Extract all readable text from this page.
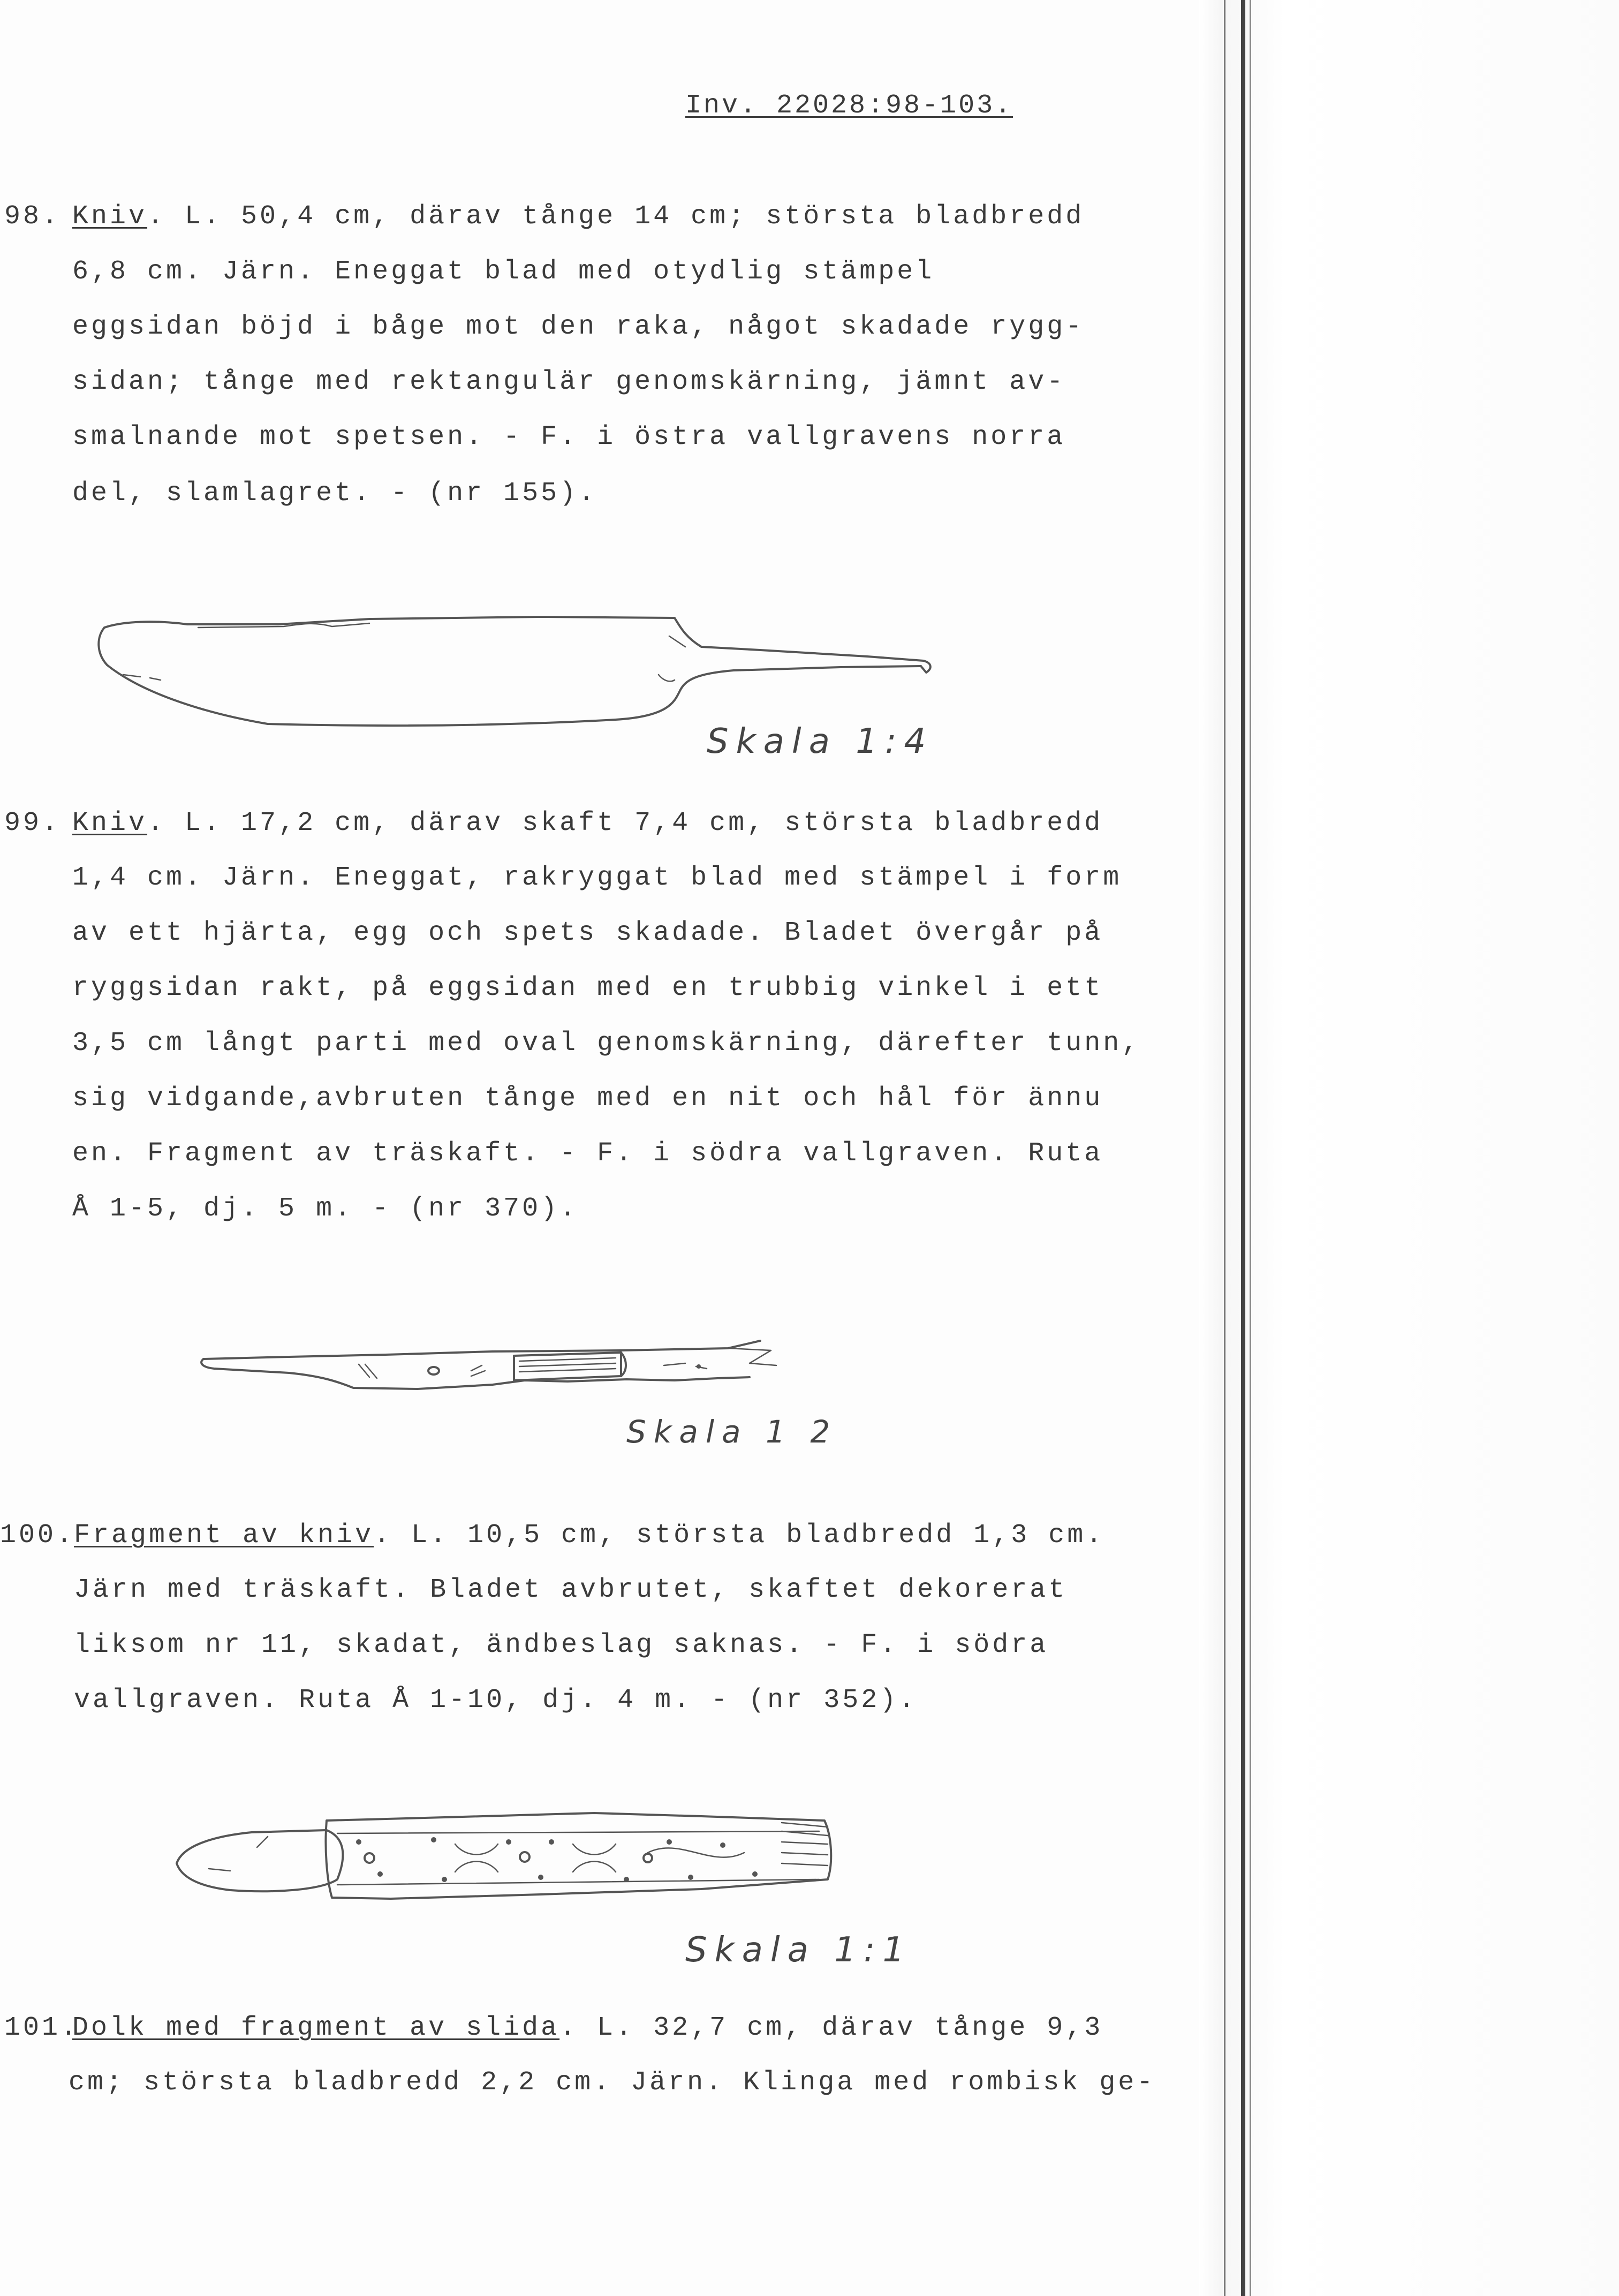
Inv. 22028:98-103.
98. Kniv. L. 50,4 cm, därav tånge 14 cm; största bladbredd
6,8 cm. Järn. Eneggat blad med otydlig stämpel
eggsidan böjd i båge mot den raka, något skadade rygg-
sidan; tånge med rektangulär genomskärning, jämnt av-
smalnande mot spetsen. - F. i östra vallgravens norra
del, slamlagret. - (nr 155).
Skala 1:4
99. Kniv. L. 17,2 cm, därav skaft 7,4 cm, största bladbredd
1,4 cm. Järn. Eneggat, rakryggat blad med stämpel i form
av ett hjärta, egg och spets skadade. Bladet övergår på
ryggsidan rakt, på eggsidan med en trubbig vinkel i ett
3,5 cm långt parti med oval genomskärning, därefter tunn,
sig vidgande,avbruten tånge med en nit och hål för ännu
en. Fragment av träskaft. - F. i södra vallgraven. Ruta
Å 1-5, dj. 5 m. - (nr 370).
Skala 1 2
100.
Fragment av kniv. L. 10,5 cm, största bladbredd 1,3 cm.
Järn med träskaft. Bladet avbrutet, skaftet dekorerat
liksom nr 11, skadat, ändbeslag saknas. - F. i södra
vallgraven. Ruta Å 1-10, dj. 4 m. - (nr 352).
Skala 1:1
101.
Dolk med fragment av slida. L. 32,7 cm, därav tånge 9,3
cm; största bladbredd 2,2 cm. Järn. Klinga med rombisk ge-
